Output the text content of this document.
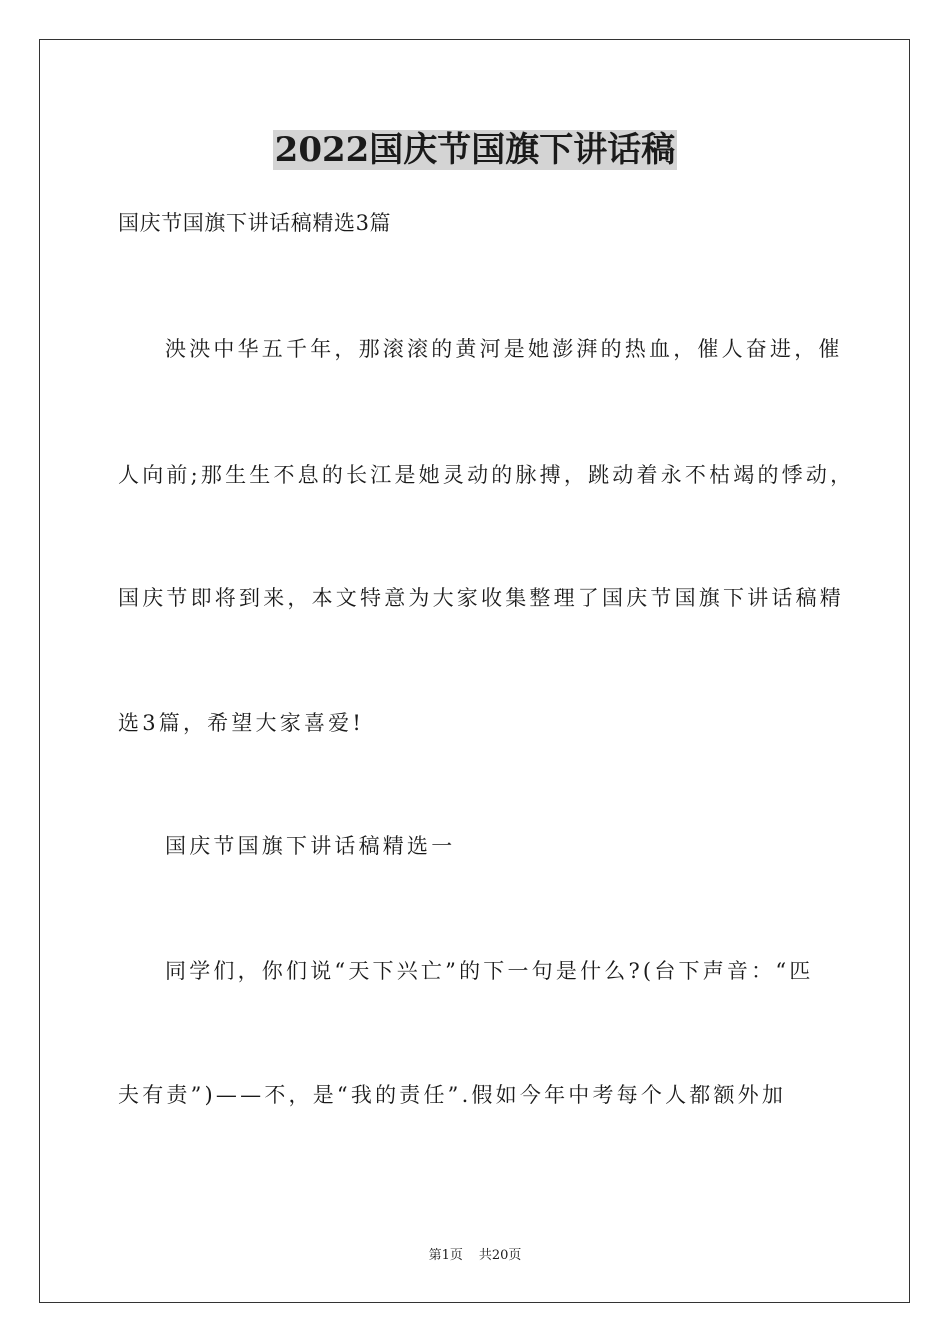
2022国庆节国旗下讲话稿
国庆节国旗下讲话稿精选3篇
泱泱中华五千年，那滚滚的黄河是她澎湃的热血，催人奋进，催
人向前;那生生不息的长江是她灵动的脉搏，跳动着永不枯竭的悸动，
国庆节即将到来，本文特意为大家收集整理了国庆节国旗下讲话稿精
选3篇，希望大家喜爱!
国庆节国旗下讲话稿精选一
同学们，你们说“天下兴亡”的下一句是什么?(台下声音：“匹
夫有责”)——不，是“我的责任”.假如今年中考每个人都额外加
第1页 共20页
